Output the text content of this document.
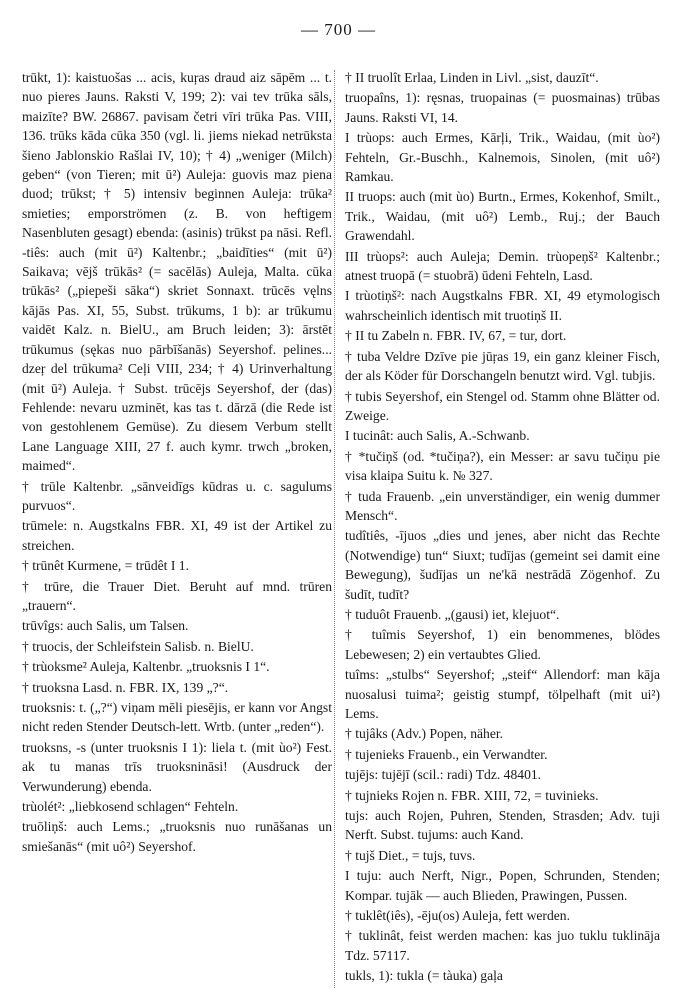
— 700 —

trūkt, 1): kaistuošas ... acis, kuŗas draud aiz sāpēm ... t. nuo pieres Jauns. Raksti V, 199; 2): vai tev trūka sāls, maizīte? BW. 26867. pavisam četri vīri trūka Pas. VIII, 136. trūks kāda cūka 350 (vgl. li. jiems niekad netrūksta šieno Jablonskio Rašlai IV, 10); † 4) „weniger (Milch) geben“ (von Tieren; mit ū²) Auleja: guovis maz piena duod; trūkst; † 5) intensiv beginnen Auleja: trūka² smieties; emporströmen (z. B. von heftigem Nasenbluten gesagt) ebenda: (asinis) trūkst pa nāsi. Refl. -tiês: auch (mit ū²) Kaltenbr.; „baidīties“ (mit ū²) Saikava; vējš trūkās² (= sacēlās) Auleja, Malta. cūka trūkās² („piepeši sāka“) skriet Sonnaxt. trūcēs vęlns kājās Pas. XI, 55, Subst. trūkums, 1 b): ar trūkumu vaidēt Kalz. n. BielU., am Bruch leiden; 3): ārstēt trūkumus (sękas nuo pārbīšanās) Seyershof. pelines... dzeŗ del trūkuma² Ceļi VIII, 234; † 4) Urinverhaltung (mit ū²) Auleja. † Subst. trūcējs Seyershof, der (das) Fehlende: nevaru uzminēt, kas tas t. dārzā (die Rede ist von gestohlenem Gemüse). Zu diesem Verbum stellt Lane Language XIII, 27 f. auch kymr. trwch „broken, maimed“.

† trūle Kaltenbr. „sānveidīgs kūdras u. c. sagulums purvuos“.

trūmele: n. Augstkalns FBR. XI, 49 ist der Artikel zu streichen.

† trūnêt Kurmene, = trūdêt I 1.

† trūre, die Trauer Diet. Beruht auf mnd. trūren „trauern“.

trūvîgs: auch Salis, um Talsen.

† truocis, der Schleifstein Salisb. n. BielU.

† trùoksme² Auleja, Kaltenbr. „truoksnis I 1“.

† truoksna Lasd. n. FBR. IX, 139 „?“.

truoksnis: t. („?“) viņam mēli piesējis, er kann vor Angst nicht reden Stender Deutsch-lett. Wrtb. (unter „reden“).

truoksns, -s (unter truoksnis I 1): liela t. (mit ùo²) Fest. ak tu manas trīs truoksnināsi! (Ausdruck der Verwunderung) ebenda.

trùolét²: „liebkosend schlagen“ Fehteln.

truōliņš: auch Lems.; „truoksnis nuo runāšanas un smiešanās“ (mit uô²) Seyershof.

† II truolît Erlaa, Linden in Livl. „sist, dauzīt“.

truopaîns, 1): ręsnas, truopainas (= puosmainas) trūbas Jauns. Raksti VI, 14.

I trùops: auch Ermes, Kārļi, Trik., Waidau, (mit ùo²) Fehteln, Gr.-Buschh., Kalnemois, Sinolen, (mit uô²) Ramkau.

II truops: auch (mit ùo) Burtn., Ermes, Kokenhof, Smilt., Trik., Waidau, (mit uô²) Lemb., Ruj.; der Bauch Grawendahl.

III trùops²: auch Auleja; Demin. trùopeņš² Kaltenbr.; atnest truopā (= stuobrā) ūdeni Fehteln, Lasd.

I trùotiņš²: nach Augstkalns FBR. XI, 49 etymologisch wahrscheinlich identisch mit truotiņš II.

† II tu Zabeln n. FBR. IV, 67, = tur, dort.

† tuba Veldre Dzīve pie jūŗas 19, ein ganz kleiner Fisch, der als Köder für Dorschangeln benutzt wird. Vgl. tubjis.

† tubis Seyershof, ein Stengel od. Stamm ohne Blätter od. Zweige.

I tucinât: auch Salis, A.-Schwanb.

† *tučiņš (od. *tučiņa?), ein Messer: ar savu tučiņu pie visa klaipa Suitu k. № 327.

† tuda Frauenb. „ein unverständiger, ein wenig dummer Mensch“.

tudîtiês, -ījuos „dies und jenes, aber nicht das Rechte (Notwendige) tun“ Siuxt; tudījas (gemeint sei damit eine Bewegung), šudījas un ne'kā nestrādā Zögenhof. Zu šudīt, tudīt?

† tuduôt Frauenb. „(gausi) iet, klejuot“.

† tuîmis Seyershof, 1) ein benommenes, blödes Lebewesen; 2) ein vertaubtes Glied.

tuîms: „stulbs“ Seyershof; „steif“ Allendorf: man kāja nuosalusi tuima²; geistig stumpf, tölpelhaft (mit ui²) Lems.

† tujâks (Adv.) Popen, näher.

† tujenieks Frauenb., ein Verwandter.

tujējs: tujējī (scil.: radi) Tdz. 48401.

† tujnieks Rojen n. FBR. XIII, 72, = tuvinieks.

tujs: auch Rojen, Puhren, Stenden, Strasden; Adv. tuji Nerft. Subst. tujums: auch Kand.

† tujš Diet., = tujs, tuvs.

I tuju: auch Nerft, Nigr., Popen, Schrunden, Stenden; Kompar. tujāk — auch Blieden, Prawingen, Pussen.

† tuklêt(iês), -ēju(os) Auleja, fett werden.

† tuklinât, feist werden machen: kas juo tuklu tuklināja Tdz. 57117.

tukls, 1): tukla (= tàuka) gaļa
